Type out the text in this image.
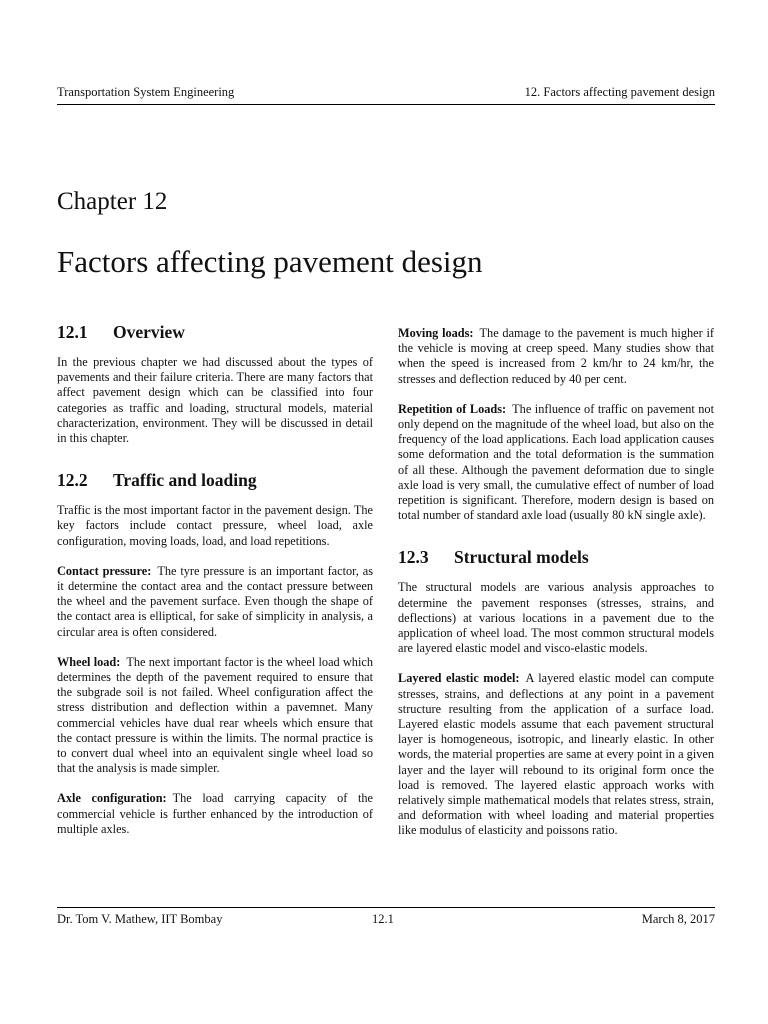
Transportation System Engineering	12. Factors affecting pavement design
Chapter 12
Factors affecting pavement design
12.1 Overview

In the previous chapter we had discussed about the types of pavements and their failure criteria. There are many factors that affect pavement design which can be classified into four categories as traffic and loading, structural models, material characterization, environment. They will be discussed in detail in this chapter.

12.2 Traffic and loading

Traffic is the most important factor in the pavement design. The key factors include contact pressure, wheel load, axle configuration, moving loads, load, and load repetitions.

Contact pressure: The tyre pressure is an important factor, as it determine the contact area and the contact pressure between the wheel and the pavement surface. Even though the shape of the contact area is elliptical, for sake of simplicity in analysis, a circular area is often considered.

Wheel load: The next important factor is the wheel load which determines the depth of the pavement required to ensure that the subgrade soil is not failed. Wheel configuration affect the stress distribution and deflection within a pavemnet. Many commercial vehicles have dual rear wheels which ensure that the contact pressure is within the limits. The normal practice is to convert dual wheel into an equivalent single wheel load so that the analysis is made simpler.

Axle configuration: The load carrying capacity of the commercial vehicle is further enhanced by the introduction of multiple axles.

Moving loads: The damage to the pavement is much higher if the vehicle is moving at creep speed. Many studies show that when the speed is increased from 2 km/hr to 24 km/hr, the stresses and deflection reduced by 40 per cent.

Repetition of Loads: The influence of traffic on pavement not only depend on the magnitude of the wheel load, but also on the frequency of the load applications. Each load application causes some deformation and the total deformation is the summation of all these. Although the pavement deformation due to single axle load is very small, the cumulative effect of number of load repetition is significant. Therefore, modern design is based on total number of standard axle load (usually 80 kN single axle).

12.3 Structural models

The structural models are various analysis approaches to determine the pavement responses (stresses, strains, and deflections) at various locations in a pavement due to the application of wheel load. The most common structural models are layered elastic model and visco-elastic models.

Layered elastic model: A layered elastic model can compute stresses, strains, and deflections at any point in a pavement structure resulting from the application of a surface load. Layered elastic models assume that each pavement structural layer is homogeneous, isotropic, and linearly elastic. In other words, the material properties are same at every point in a given layer and the layer will rebound to its original form once the load is removed. The layered elastic approach works with relatively simple mathematical models that relates stress, strain, and deformation with wheel loading and material properties like modulus of elasticity and poissons ratio.

Dr. Tom V. Mathew, IIT Bombay	12.1	March 8, 2017
